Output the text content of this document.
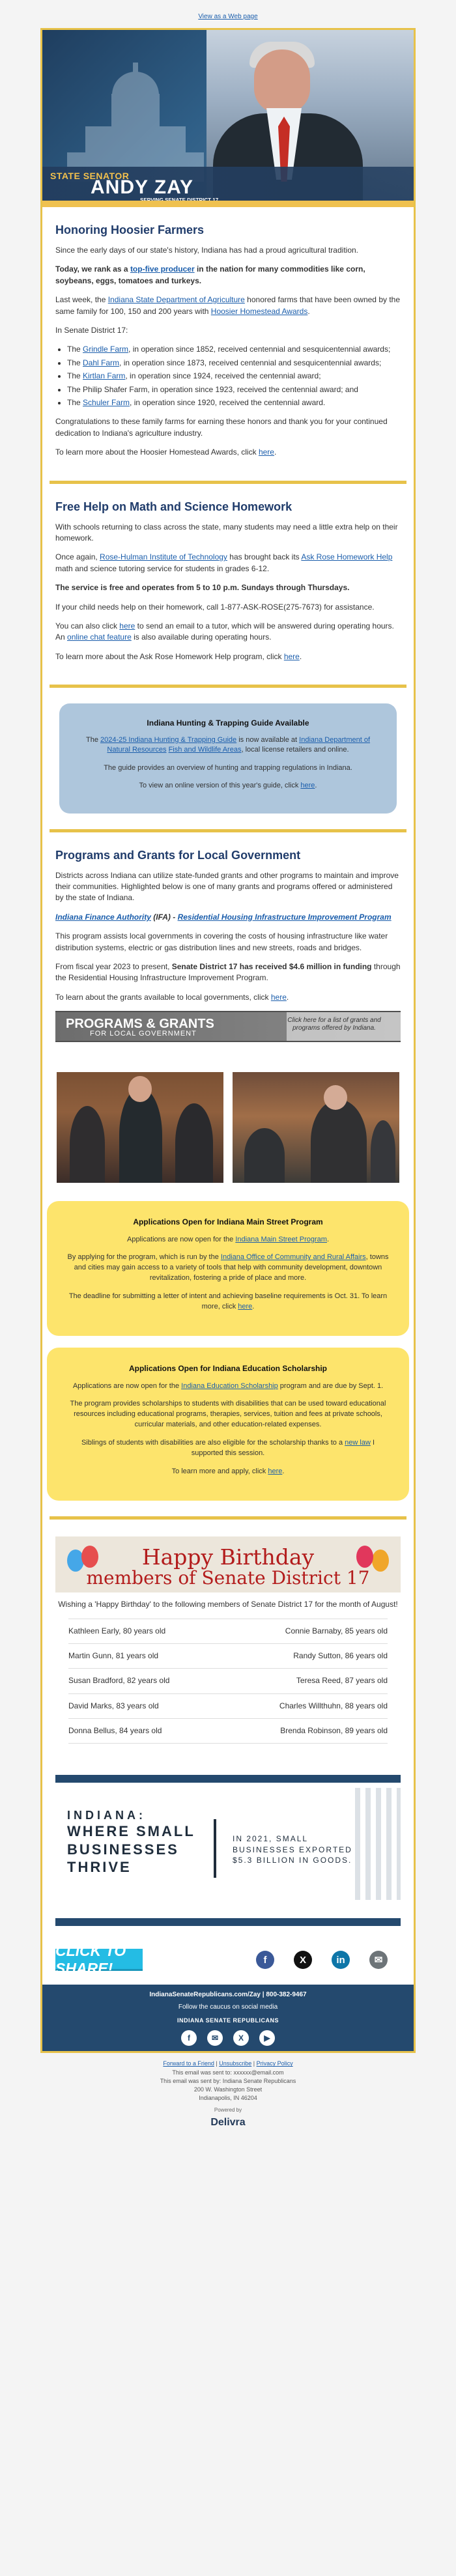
View as a Web page
STATE SENATOR
ANDY ZAY
Honoring Hoosier Farmers

Since the early days of our state's history, Indiana has had a proud agricultural tradition.

Today, we rank as a top-five producer in the nation for many commodities like corn, soybeans, eggs, tomatoes and turkeys.

Last week, the Indiana State Department of Agriculture honored farms that have been owned by the same family for 100, 150 and 200 years with Hoosier Homestead Awards.

In Senate District 17:

• The Grindle Farm, in operation since 1852, received centennial and sesquicentennial awards;
• The Dahl Farm, in operation since 1873, received centennial and sesquicentennial awards;
• The Kirtlan Farm, in operation since 1924, received the centennial award;
• The Philip Shafer Farm, in operation since 1923, received the centennial award; and
• The Schuler Farm, in operation since 1920, received the centennial award.

Congratulations to these family farms for earning these honors and thank you for your continued dedication to Indiana's agriculture industry.

To learn more about the Hoosier Homestead Awards, click here.

Free Help on Math and Science Homework

With schools returning to class across the state, many students may need a little extra help on their homework.

Once again, Rose-Hulman Institute of Technology has brought back its Ask Rose Homework Help math and science tutoring service for students in grades 6-12.

The service is free and operates from 5 to 10 p.m. Sundays through Thursdays.

If your child needs help on their homework, call 1-877-ASK-ROSE(275-7673) for assistance.

You can also click here to send an email to a tutor, which will be answered during operating hours. An online chat feature is also available during operating hours.

To learn more about the Ask Rose Homework Help program, click here.

Indiana Hunting & Trapping Guide Available

The 2024-25 Indiana Hunting & Trapping Guide is now available at Indiana Department of Natural Resources Fish and Wildlife Areas, local license retailers and online.

The guide provides an overview of hunting and trapping regulations in Indiana.

To view an online version of this year's guide, click here.

Programs and Grants for Local Government

Districts across Indiana can utilize state-funded grants and other programs to maintain and improve their communities. Highlighted below is one of many grants and programs offered or administered by the state of Indiana.

Indiana Finance Authority (IFA) - Residential Housing Infrastructure Improvement Program

This program assists local governments in covering the costs of housing infrastructure like water distribution systems, electric or gas distribution lines and new streets, roads and bridges.

From fiscal year 2023 to present, Senate District 17 has received $4.6 million in funding through the Residential Housing Infrastructure Improvement Program.

To learn about the grants available to local governments, click here.

PROGRAMS & GRANTS
FOR LOCAL GOVERNMENT
Click here for a list of grants and programs offered by Indiana.
Applications Open for Indiana Main Street Program

Applications are now open for the Indiana Main Street Program.

By applying for the program, which is run by the Indiana Office of Community and Rural Affairs, towns and cities may gain access to a variety of tools that help with community development, downtown revitalization, fostering a pride of place and more.

The deadline for submitting a letter of intent and achieving baseline requirements is Oct. 31. To learn more, click here.

Applications Open for Indiana Education Scholarship

Applications are now open for the Indiana Education Scholarship program and are due by Sept. 1.

The program provides scholarships to students with disabilities that can be used toward educational resources including educational programs, therapies, services, tuition and fees at private schools, curricular materials, and other education-related expenses.

Siblings of students with disabilities are also eligible for the scholarship thanks to a new law I supported this session.

To learn more and apply, click here.

Happy Birthday
members of Senate District 17

Wishing a 'Happy Birthday' to the following members of Senate District 17 for the month of August!

Kathleen Early, 80 years old	Connie Barnaby, 85 years old
Martin Gunn, 81 years old	Randy Sutton, 86 years old
Susan Bradford, 82 years old	Teresa Reed, 87 years old
David Marks, 83 years old	Charles Willthuhn, 88 years old
Donna Bellus, 84 years old	Brenda Robinson, 89 years old
INDIANA:
WHERE SMALL BUSINESSES THRIVE
IN 2021, SMALL BUSINESSES EXPORTED $5.3 BILLION IN GOODS.
CLICK TO SHARE!	f	X	in	✉
IndianaSenateRepublicans.com/Zay | 800-382-9467
Follow the caucus on social media
INDIANA SENATE REPUBLICANS
f	✉	X	▶
Forward to a Friend | Unsubscribe | Privacy Policy
This email was sent to: xxxxxx@email.com
This email was sent by: Indiana Senate Republicans
200 W. Washington Street
Indianapolis, IN 46204
Powered by
Delivra
